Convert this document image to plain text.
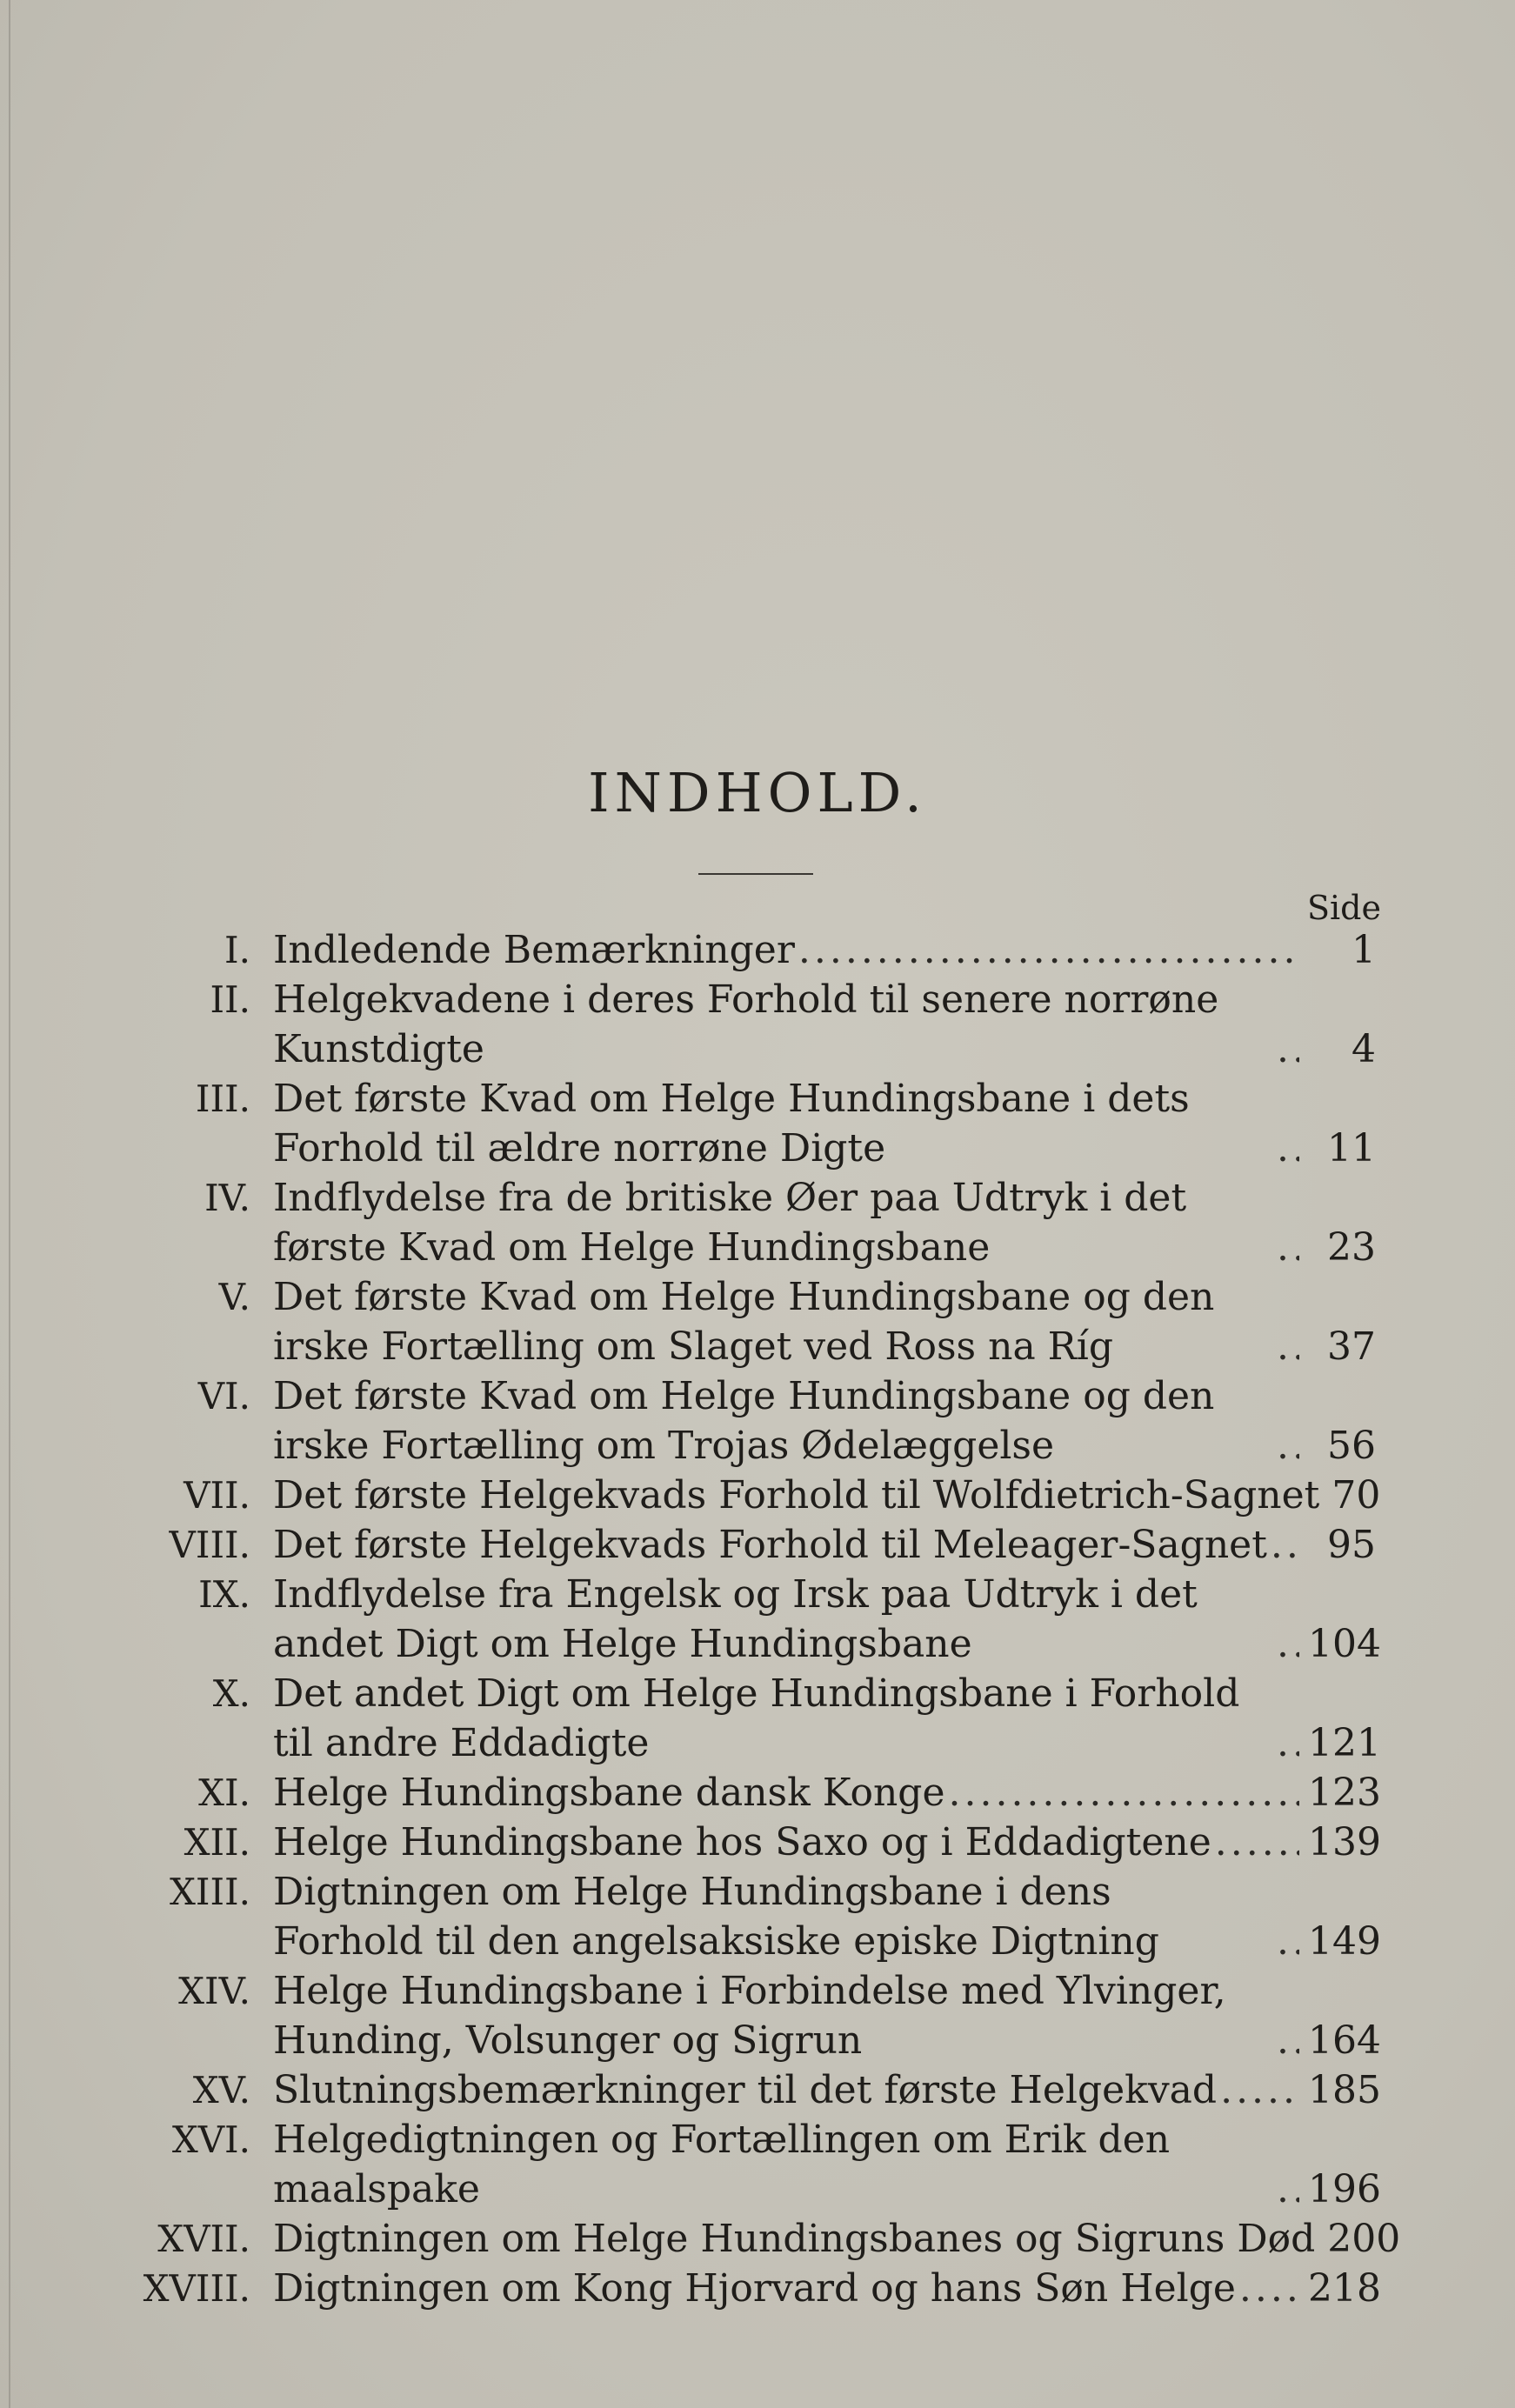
INDHOLD.
Side
I. Indledende Bemærkninger .....	1
II. Helgekvadene i deres Forhold til senere norrøne Kunstdigte .....	4
III. Det første Kvad om Helge Hundingsbane i dets Forhold til ældre norrøne Digte .....	11
IV. Indflydelse fra de britiske Øer paa Udtryk i det første Kvad om Helge Hundingsbane .....	23
V. Det første Kvad om Helge Hundingsbane og den irske Fortælling om Slaget ved Ross na Ríg .....	37
VI. Det første Kvad om Helge Hundingsbane og den irske Fortælling om Trojas Ødelæggelse .....	56
VII. Det første Helgekvads Forhold til Wolfdietrich-Sagnet 70
VIII. Det første Helgekvads Forhold til Meleager-Sagnet .....	95
IX. Indflydelse fra Engelsk og Irsk paa Udtryk i det andet Digt om Helge Hundingsbane .....	104
X. Det andet Digt om Helge Hundingsbane i Forhold til andre Eddadigte .....	121
XI. Helge Hundingsbane dansk Konge .....	123
XII. Helge Hundingsbane hos Saxo og i Eddadigtene .....	139
XIII. Digtningen om Helge Hundingsbane i dens Forhold til den angelsaksiske episke Digtning .....	149
XIV. Helge Hundingsbane i Forbindelse med Ylvinger, Hunding, Volsunger og Sigrun .....	164
XV. Slutningsbemærkninger til det første Helgekvad ..... 185
XVI. Helgedigtningen og Fortællingen om Erik den maalspake .....	196
XVII. Digtningen om Helge Hundingsbanes og Sigruns Død 200
XVIII. Digtningen om Kong Hjorvard og hans Søn Helge ..... 218
